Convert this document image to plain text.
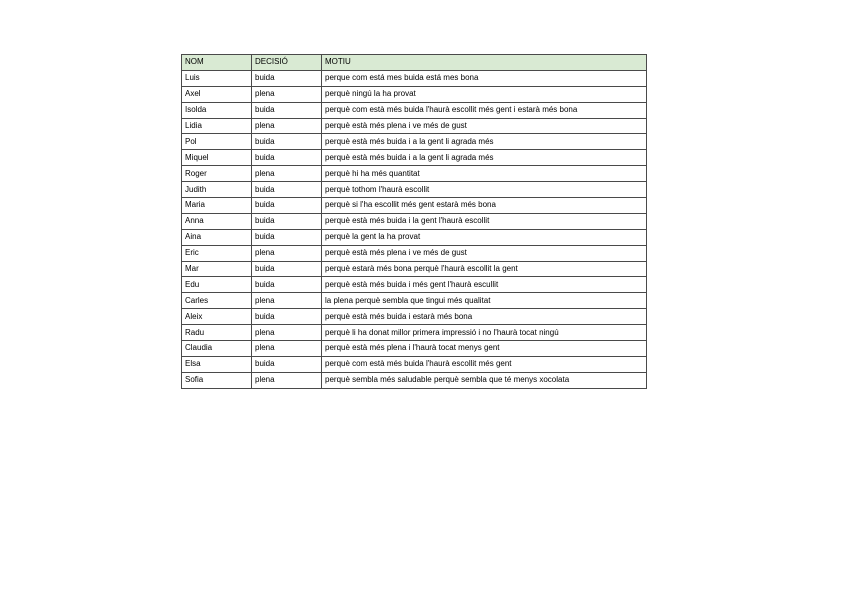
NOM	DECISIÓ	MOTIU
Luis	buida	perque com está mes buida está mes bona
Axel	plena	perquè ningú la ha provat
Isolda	buida	perquè com està més buida l'haurà escollit més gent i estarà més bona
Lidia	plena	perquè està més plena i ve més de gust
Pol	buida	perquè està més buida i a la gent li agrada més
Miquel	buida	perquè està més buida i a la gent li agrada més
Roger	plena	perquè hi ha més quantitat
Judith	buida	perquè tothom l'haurà escollit
Maria	buida	perquè si l'ha escollit més gent estarà més bona
Anna	buida	perquè està més buida i la gent l'haurà escollit
Aina	buida	perquè la gent la ha provat
Eric	plena	perquè està més plena i ve més de gust
Mar	buida	perquè estarà més bona perquè l'haurà escollit la gent
Edu	buida	perquè està més buida i més gent l'haurà escullit
Carles	plena	la plena perquè sembla que tingui més qualitat
Aleix	buida	perquè està més buida i estarà més bona
Radu	plena	perquè li ha donat millor primera impressió i no l'haurà tocat ningú
Claudia	plena	perquè està més plena i l'haurà tocat menys gent
Elsa	buida	perquè com està més buida l'haurà escollit més gent
Sofia	plena	perquè sembla més saludable perquè sembla que té menys xocolata
